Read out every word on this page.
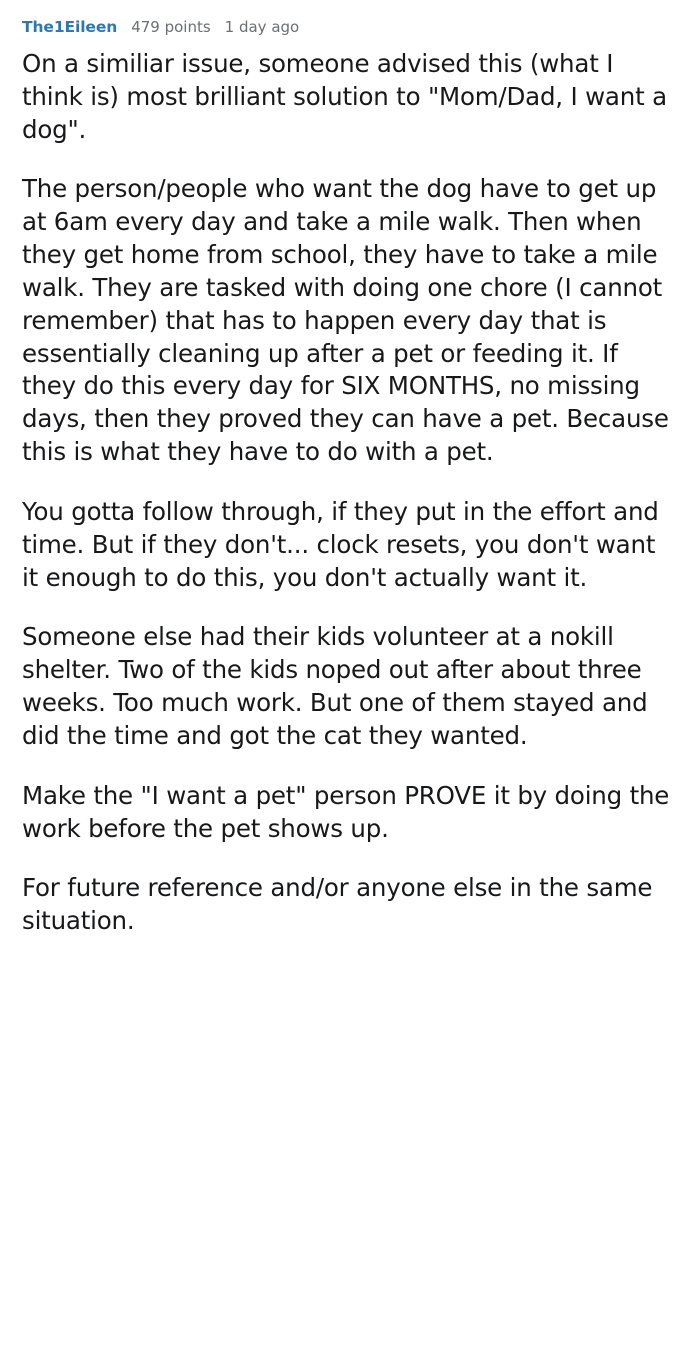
The1Eileen 479 points 1 day ago

On a similiar issue, someone advised this (what I think is) most brilliant solution to "Mom/Dad, I want a dog".

The person/people who want the dog have to get up at 6am every day and take a mile walk. Then when they get home from school, they have to take a mile walk. They are tasked with doing one chore (I cannot remember) that has to happen every day that is essentially cleaning up after a pet or feeding it. If they do this every day for SIX MONTHS, no missing days, then they proved they can have a pet. Because this is what they have to do with a pet.

You gotta follow through, if they put in the effort and time. But if they don't... clock resets, you don't want it enough to do this, you don't actually want it.

Someone else had their kids volunteer at a nokill shelter. Two of the kids noped out after about three weeks. Too much work. But one of them stayed and did the time and got the cat they wanted.

Make the "I want a pet" person PROVE it by doing the work before the pet shows up.

For future reference and/or anyone else in the same situation.
